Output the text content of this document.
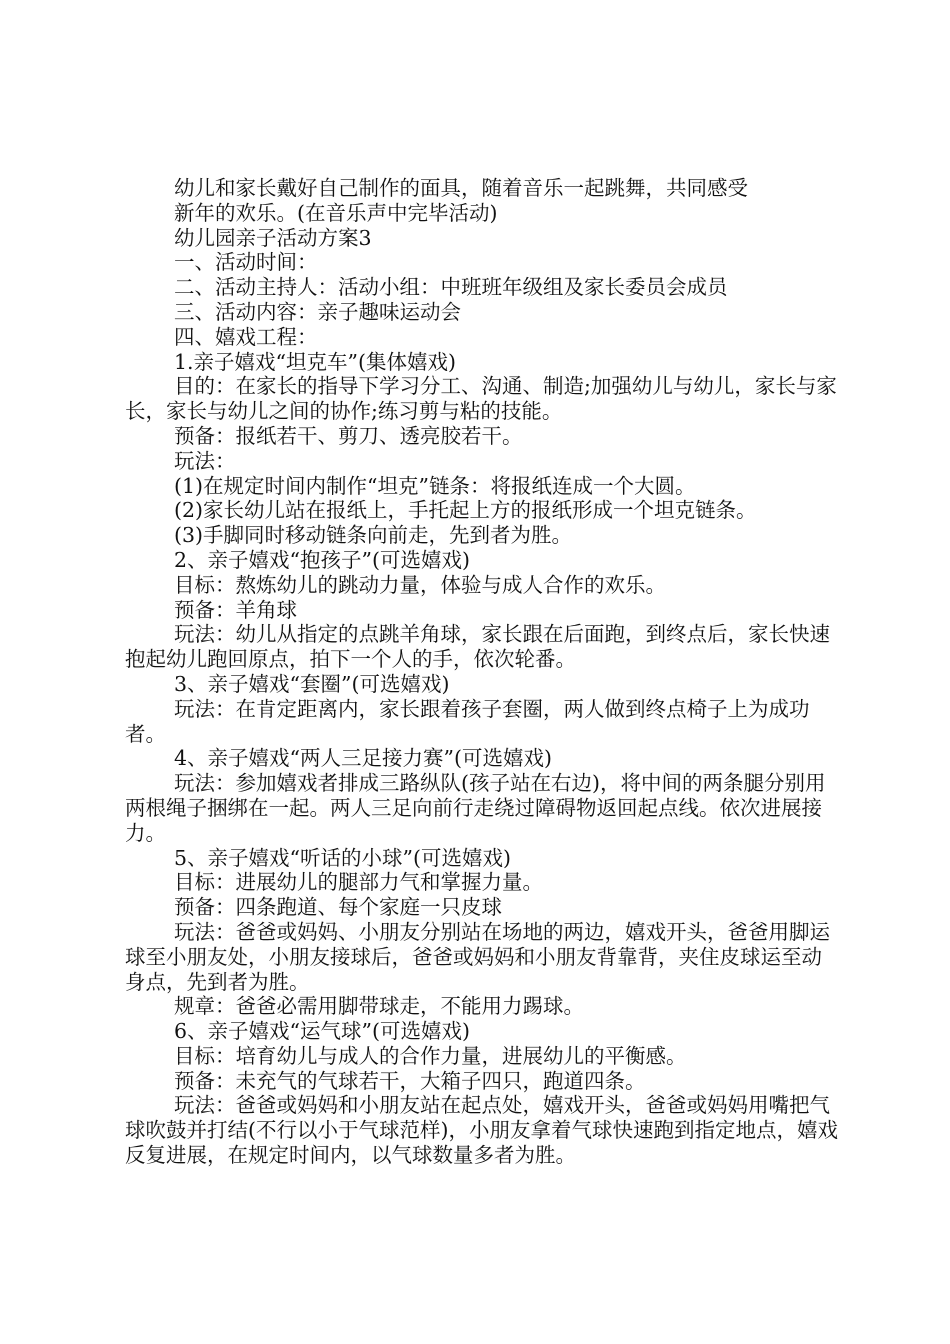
幼儿和家长戴好自己制作的面具，随着音乐一起跳舞，共同感受

新年的欢乐。(在音乐声中完毕活动)

幼儿园亲子活动方案3

一、活动时间：

二、活动主持人：活动小组：中班班年级组及家长委员会成员

三、活动内容：亲子趣味运动会

四、嬉戏工程：

1.亲子嬉戏“坦克车”(集体嬉戏)

目的：在家长的指导下学习分工、沟通、制造;加强幼儿与幼儿，家长与家长，家长与幼儿之间的协作;练习剪与粘的技能。

预备：报纸若干、剪刀、透亮胶若干。

玩法：

(1)在规定时间内制作“坦克”链条：将报纸连成一个大圆。

(2)家长幼儿站在报纸上，手托起上方的报纸形成一个坦克链条。

(3)手脚同时移动链条向前走，先到者为胜。

2、亲子嬉戏“抱孩子”(可选嬉戏)

目标：熬炼幼儿的跳动力量，体验与成人合作的欢乐。

预备：羊角球

玩法：幼儿从指定的点跳羊角球，家长跟在后面跑，到终点后，家长快速抱起幼儿跑回原点，拍下一个人的手，依次轮番。

3、亲子嬉戏“套圈”(可选嬉戏)

玩法：在肯定距离内，家长跟着孩子套圈，两人做到终点椅子上为成功者。

4、亲子嬉戏“两人三足接力赛”(可选嬉戏)

玩法：参加嬉戏者排成三路纵队(孩子站在右边)，将中间的两条腿分别用两根绳子捆绑在一起。两人三足向前行走绕过障碍物返回起点线。依次进展接力。

5、亲子嬉戏“听话的小球”(可选嬉戏)

目标：进展幼儿的腿部力气和掌握力量。

预备：四条跑道、每个家庭一只皮球

玩法：爸爸或妈妈、小朋友分别站在场地的两边，嬉戏开头，爸爸用脚运球至小朋友处，小朋友接球后，爸爸或妈妈和小朋友背靠背，夹住皮球运至动身点，先到者为胜。

规章：爸爸必需用脚带球走，不能用力踢球。

6、亲子嬉戏“运气球”(可选嬉戏)

目标：培育幼儿与成人的合作力量，进展幼儿的平衡感。

预备：未充气的气球若干，大箱子四只，跑道四条。

玩法：爸爸或妈妈和小朋友站在起点处，嬉戏开头，爸爸或妈妈用嘴把气球吹鼓并打结(不行以小于气球范样)，小朋友拿着气球快速跑到指定地点，嬉戏反复进展，在规定时间内，以气球数量多者为胜。
